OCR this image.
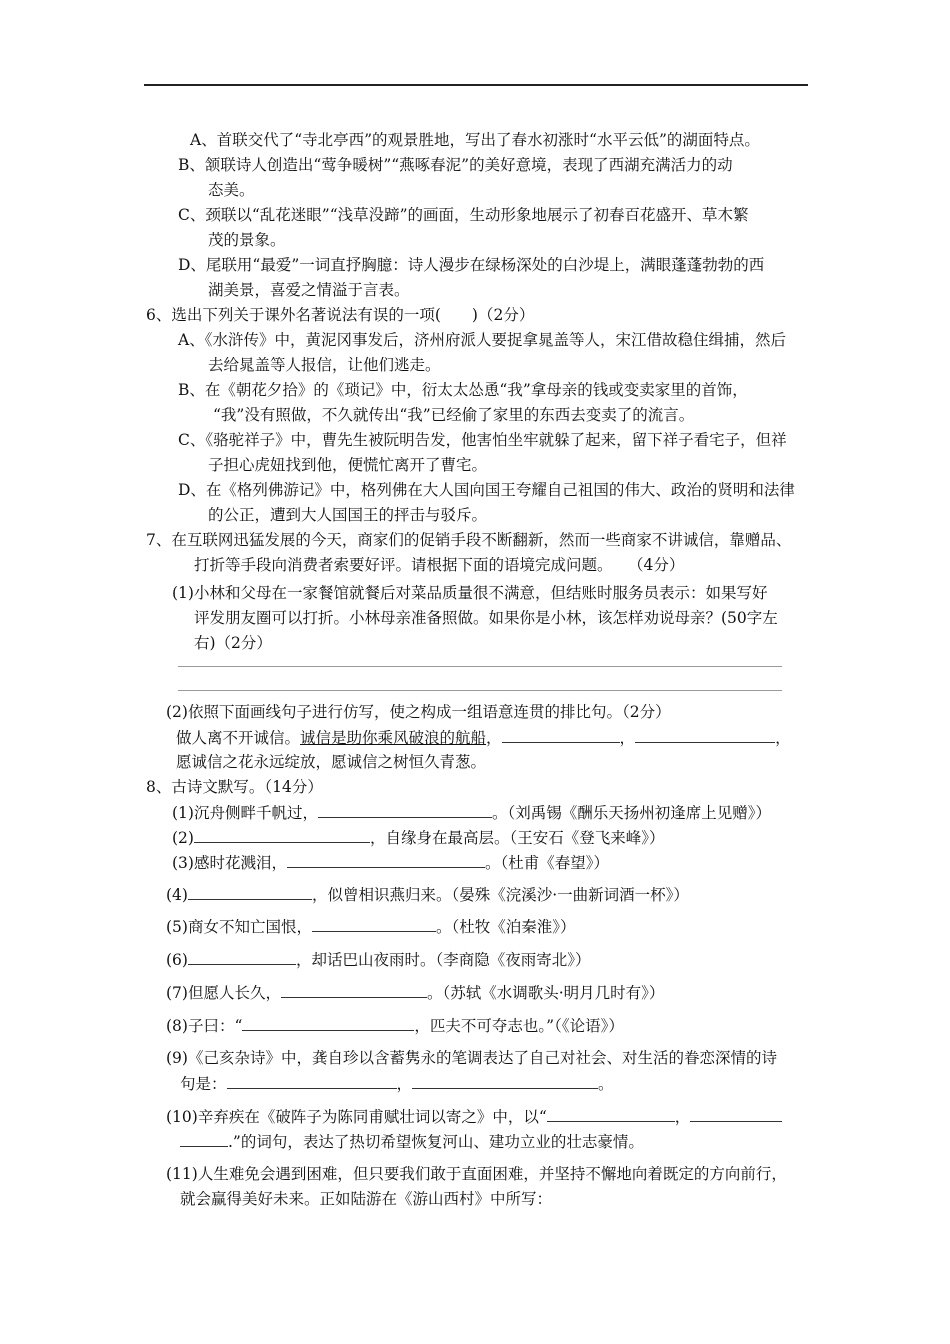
A、首联交代了“寺北亭西”的观景胜地，写出了春水初涨时“水平云低”的湖面特点。
B、颔联诗人创造出“莺争暖树”“燕啄春泥”的美好意境，表现了西湖充满活力的动
态美。
C、颈联以“乱花迷眼”“浅草没蹄”的画面，生动形象地展示了初春百花盛开、草木繁
茂的景象。
D、尾联用“最爱”一词直抒胸臆：诗人漫步在绿杨深处的白沙堤上，满眼蓬蓬勃勃的西
湖美景，喜爱之情溢于言表。
6、选出下列关于课外名著说法有误的一项(　　)（2分）
A、《水浒传》中，黄泥冈事发后，济州府派人要捉拿晁盖等人，宋江借故稳住缉捕，然后
去给晁盖等人报信，让他们逃走。
B、在《朝花夕拾》的《琐记》中，衍太太怂恿“我”拿母亲的钱或变卖家里的首饰，
“我”没有照做，不久就传出“我”已经偷了家里的东西去变卖了的流言。
C、《骆驼祥子》中，曹先生被阮明告发，他害怕坐牢就躲了起来，留下祥子看宅子，但祥
子担心虎妞找到他，便慌忙离开了曹宅。
D、在《格列佛游记》中，格列佛在大人国向国王夸耀自己祖国的伟大、政治的贤明和法律
的公正，遭到大人国国王的抨击与驳斥。
7、在互联网迅猛发展的今天，商家们的促销手段不断翻新，然而一些商家不讲诚信，靠赠品、
打折等手段向消费者索要好评。请根据下面的语境完成问题。　　（4分）
(1)小林和父母在一家餐馆就餐后对菜品质量很不满意，但结账时服务员表示：如果写好
评发朋友圈可以打折。小林母亲准备照做。如果你是小林，该怎样劝说母亲？(50字左
右)（2分）
(2)依照下面画线句子进行仿写，使之构成一组语意连贯的排比句。（2分）
做人离不开诚信。诚信是助你乘风破浪的航船，	，	，
愿诚信之花永远绽放，愿诚信之树恒久青葱。
8、古诗文默写。（14分）
(1)沉舟侧畔千帆过，	。（刘禹锡《酬乐天扬州初逢席上见赠》）
(2)	，自缘身在最高层。（王安石《登飞来峰》）
(3)感时花溅泪，	。（杜甫《春望》）
(4)	，似曾相识燕归来。（晏殊《浣溪沙·一曲新词酒一杯》）
(5)商女不知亡国恨，	。（杜牧《泊秦淮》）
(6)	，却话巴山夜雨时。（李商隐《夜雨寄北》）
(7)但愿人长久，	。（苏轼《水调歌头·明月几时有》）
(8)子曰：“	，匹夫不可夺志也。”（《论语》）
(9)《己亥杂诗》中，龚自珍以含蓄隽永的笔调表达了自己对社会、对生活的眷恋深情的诗
句是：	，	。
(10)辛弃疾在《破阵子为陈同甫赋壮词以寄之》中，以“	，
.”的词句，表达了热切希望恢复河山、建功立业的壮志豪情。
(11)人生难免会遇到困难，但只要我们敢于直面困难，并坚持不懈地向着既定的方向前行，
就会赢得美好未来。正如陆游在《游山西村》中所写：
